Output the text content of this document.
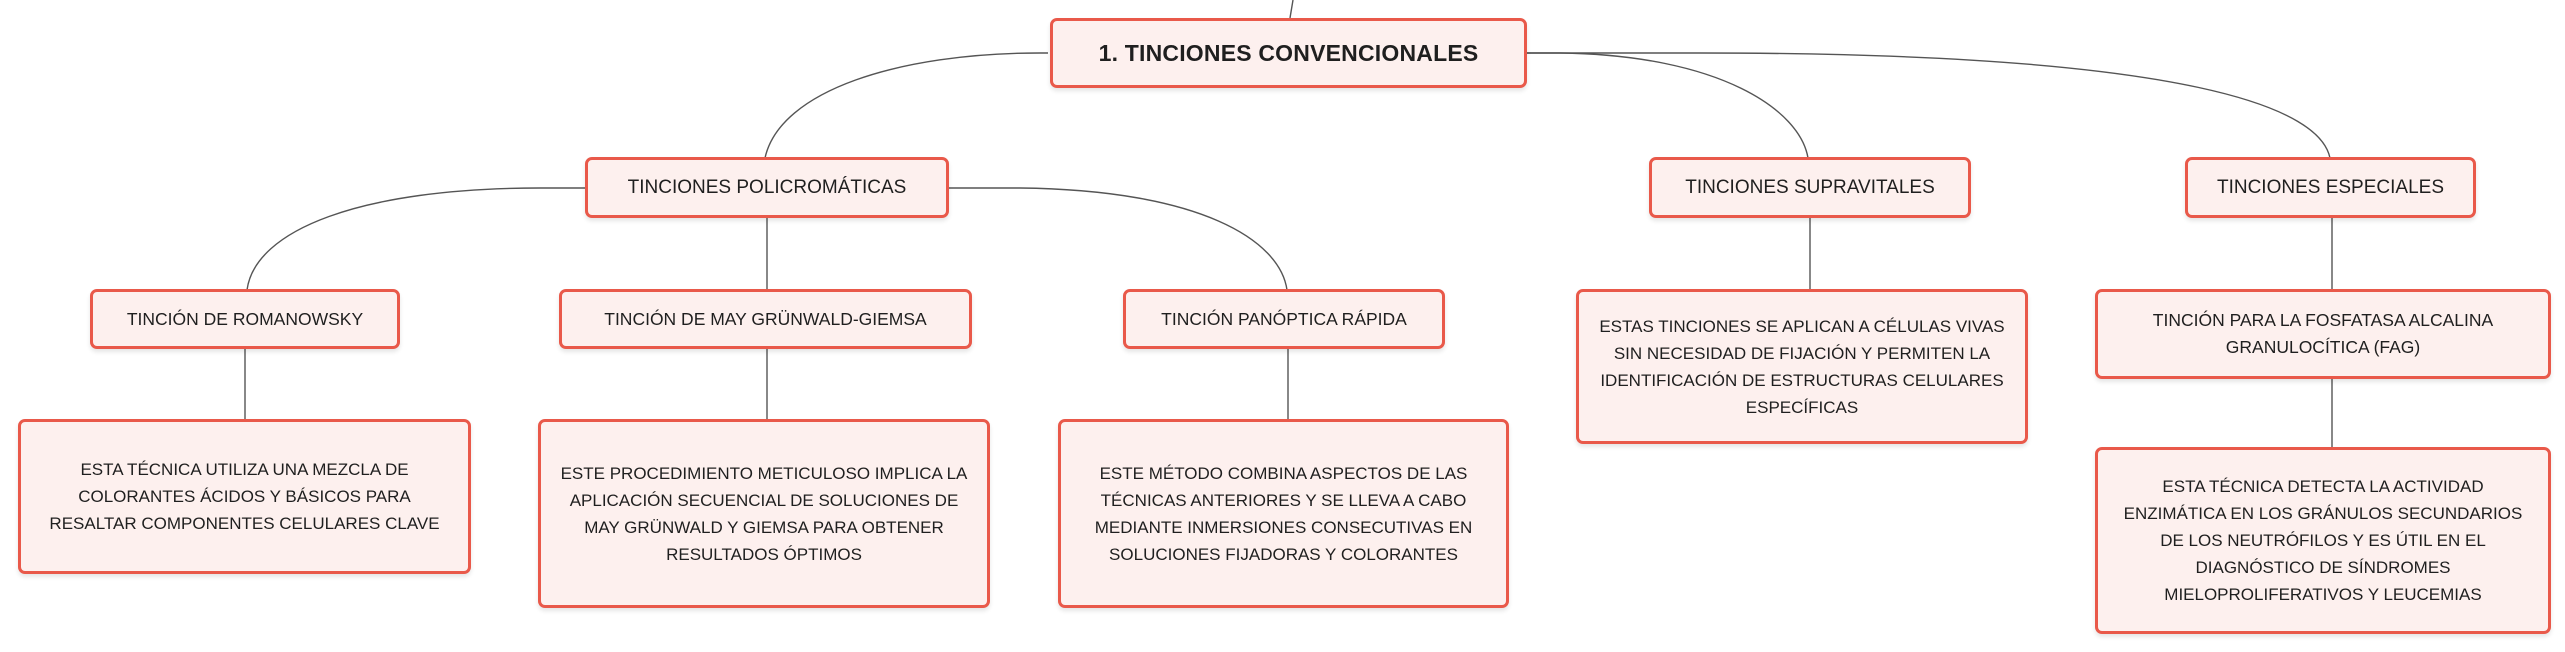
1. TINCIONES CONVENCIONALES
TINCIONES POLICROMÁTICAS	TINCIONES SUPRAVITALES	TINCIONES ESPECIALES
TINCIÓN DE ROMANOWSKY	TINCIÓN DE MAY GRÜNWALD-GIEMSA	TINCIÓN PANÓPTICA RÁPIDA	TINCIÓN PARA LA FOSFATASA ALCALINA GRANULOCÍTICA (FAG)
ESTA TÉCNICA UTILIZA UNA MEZCLA DE COLORANTES ÁCIDOS Y BÁSICOS PARA RESALTAR COMPONENTES CELULARES CLAVE
ESTE PROCEDIMIENTO METICULOSO IMPLICA LA APLICACIÓN SECUENCIAL DE SOLUCIONES DE MAY GRÜNWALD Y GIEMSA PARA OBTENER RESULTADOS ÓPTIMOS
ESTE MÉTODO COMBINA ASPECTOS DE LAS TÉCNICAS ANTERIORES Y SE LLEVA A CABO MEDIANTE INMERSIONES CONSECUTIVAS EN SOLUCIONES FIJADORAS Y COLORANTES
ESTAS TINCIONES SE APLICAN A CÉLULAS VIVAS SIN NECESIDAD DE FIJACIÓN Y PERMITEN LA IDENTIFICACIÓN DE ESTRUCTURAS CELULARES ESPECÍFICAS
ESTA TÉCNICA DETECTA LA ACTIVIDAD ENZIMÁTICA EN LOS GRÁNULOS SECUNDARIOS DE LOS NEUTRÓFILOS Y ES ÚTIL EN EL DIAGNÓSTICO DE SÍNDROMES MIELOPROLIFERATIVOS Y LEUCEMIAS
